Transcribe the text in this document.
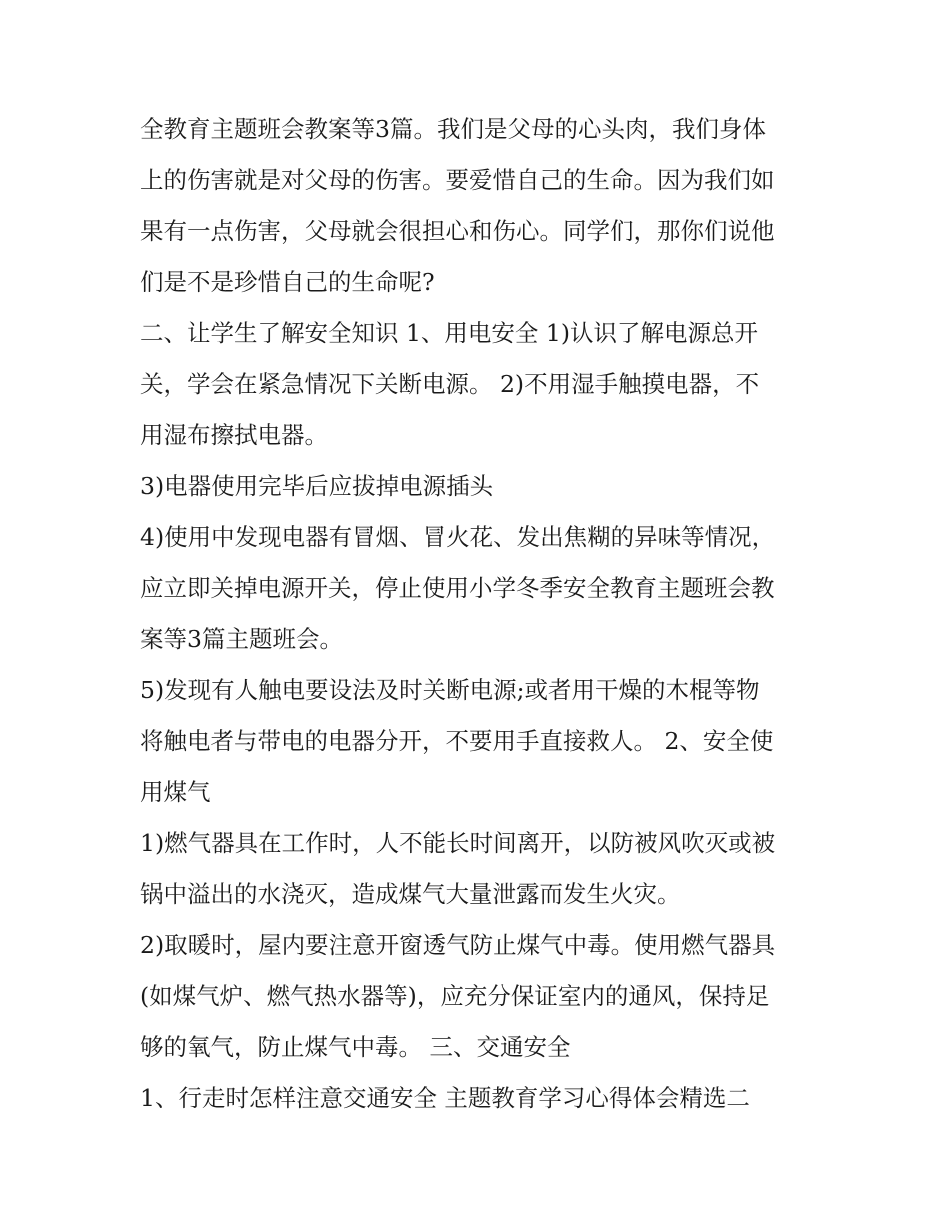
全教育主题班会教案等3篇。我们是父母的心头肉，我们身体
上的伤害就是对父母的伤害。要爱惜自己的生命。因为我们如
果有一点伤害，父母就会很担心和伤心。同学们，那你们说他
们是不是珍惜自己的生命呢?
二、让学生了解安全知识 1、用电安全 1)认识了解电源总开
关，学会在紧急情况下关断电源。 2)不用湿手触摸电器，不
用湿布擦拭电器。
3)电器使用完毕后应拔掉电源插头
4)使用中发现电器有冒烟、冒火花、发出焦糊的异味等情况，
应立即关掉电源开关，停止使用小学冬季安全教育主题班会教
案等3篇主题班会。
5)发现有人触电要设法及时关断电源;或者用干燥的木棍等物
将触电者与带电的电器分开，不要用手直接救人。 2、安全使
用煤气
1)燃气器具在工作时，人不能长时间离开，以防被风吹灭或被
锅中溢出的水浇灭，造成煤气大量泄露而发生火灾。
2)取暖时，屋内要注意开窗透气防止煤气中毒。使用燃气器具
(如煤气炉、燃气热水器等)，应充分保证室内的通风，保持足
够的氧气，防止煤气中毒。 三、交通安全
1、行走时怎样注意交通安全 主题教育学习心得体会精选二
